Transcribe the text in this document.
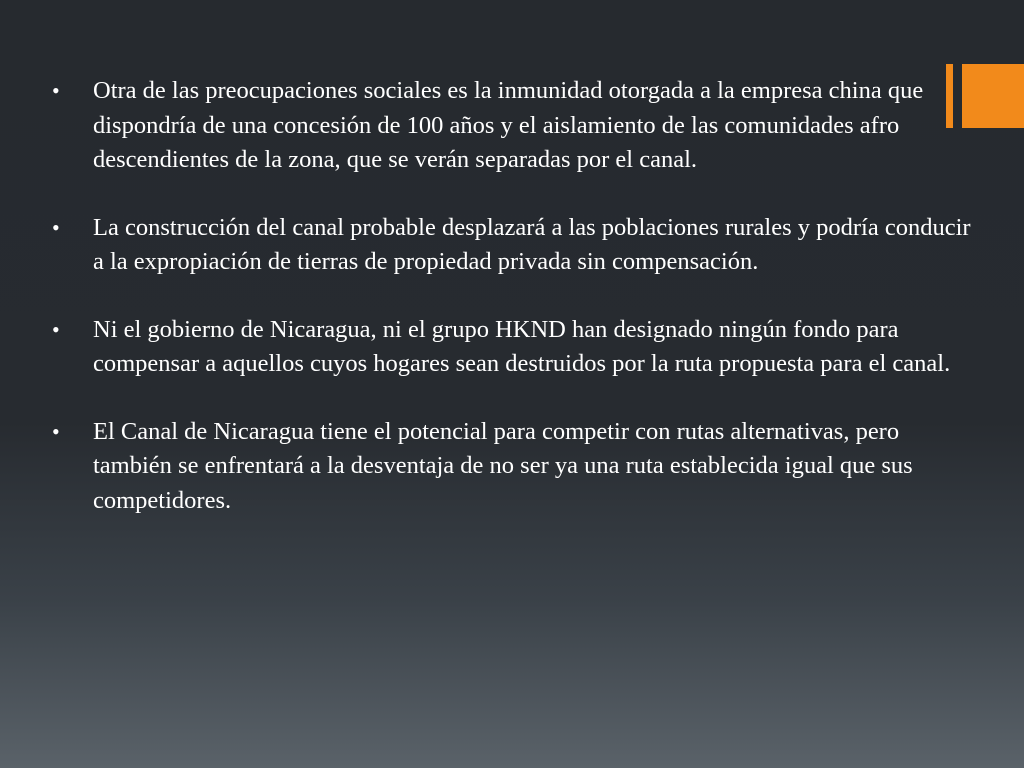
•	Otra de las preocupaciones sociales es la inmunidad otorgada a la empresa china que dispondría de una concesión de 100 años y el aislamiento de las comunidades afro descendientes de la zona, que se verán separadas por el canal.
•	La construcción del canal probable desplazará a las poblaciones rurales y podría conducir a la expropiación de tierras de propiedad privada sin compensación.
•	Ni el gobierno de Nicaragua, ni el grupo HKND han designado ningún fondo para compensar a aquellos cuyos hogares sean destruidos por la ruta propuesta para el canal.
•	El Canal de Nicaragua tiene el potencial para competir con rutas alternativas, pero también se enfrentará a la desventaja de no ser ya una ruta establecida igual que sus competidores.
